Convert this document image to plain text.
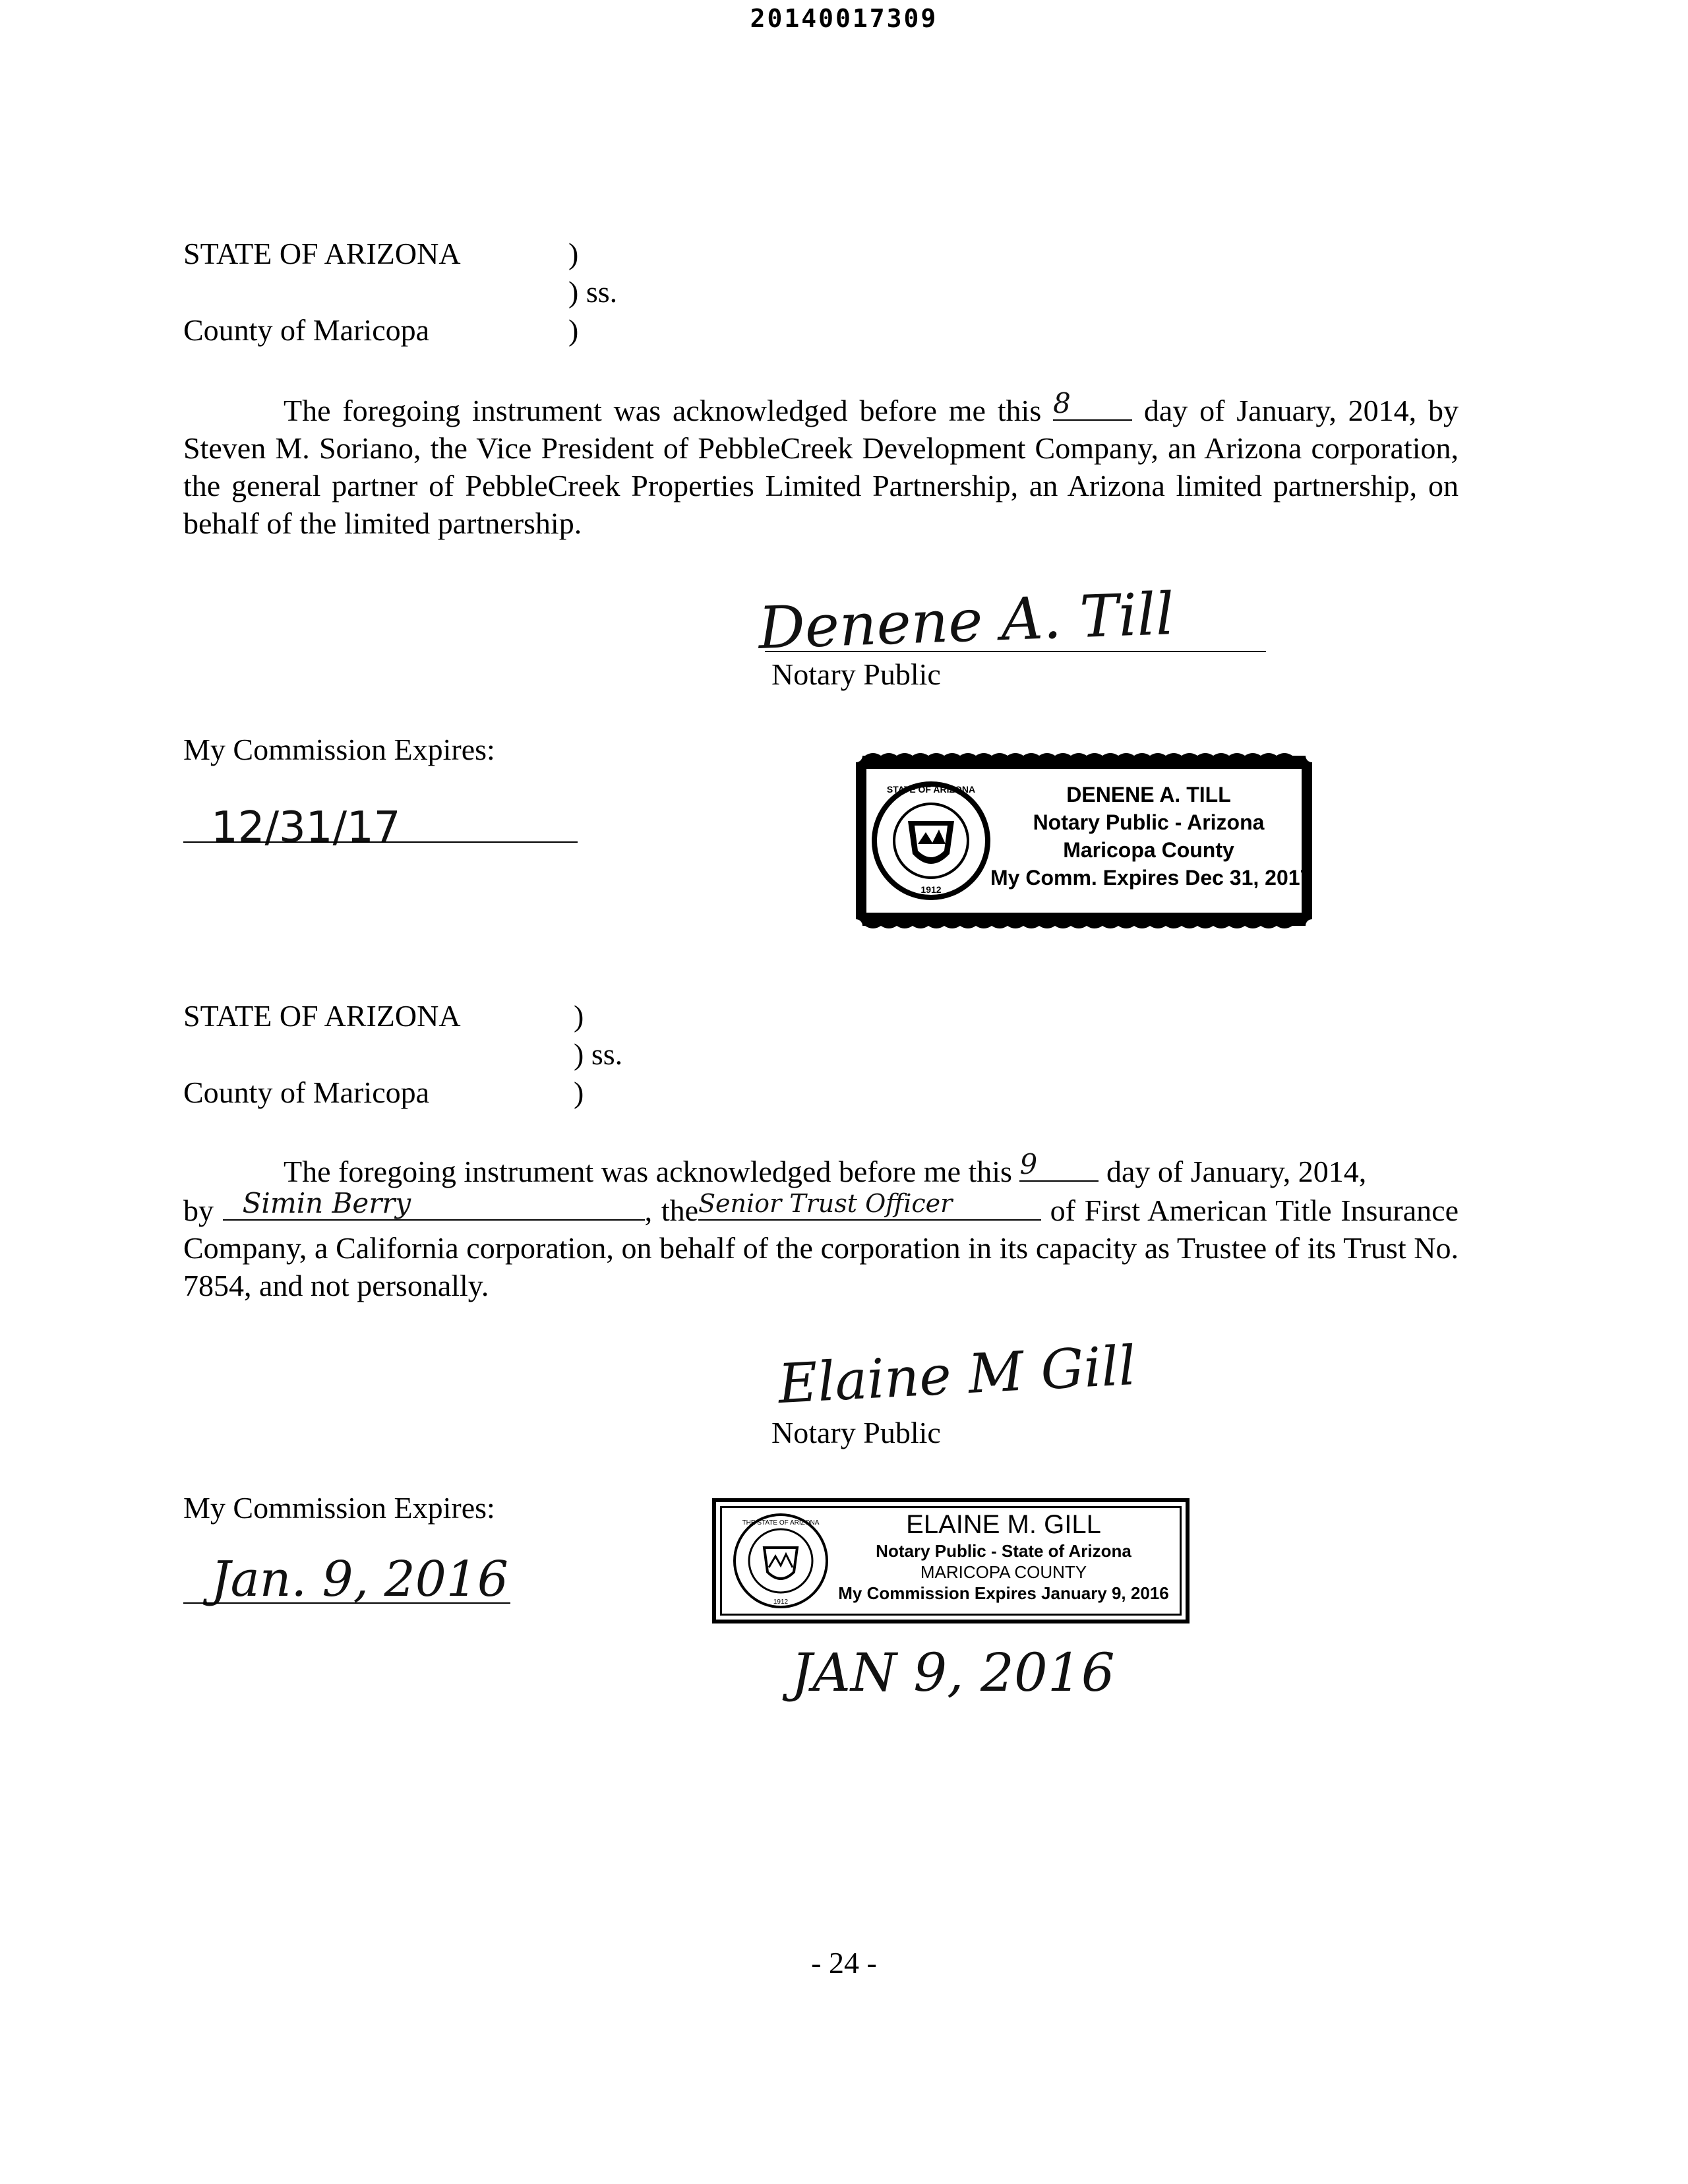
20140017309
STATE OF ARIZONA	)
) ss.
County of Maricopa	)

The foregoing instrument was acknowledged before me this 8	day of January, 2014, by Steven M. Soriano, the Vice President of PebbleCreek Development Company, an Arizona corporation, the general partner of PebbleCreek Properties Limited Partnership, an Arizona limited partnership, on behalf of the limited partnership.

Denene A. Till
Notary Public
My Commission Expires:
12/31/17
STATE OF ARIZONA
1912
DENENE A. TILL
Notary Public - Arizona
Maricopa County
My Comm. Expires Dec 31, 2017
STATE OF ARIZONA	)
) ss.
County of Maricopa	)

The foregoing instrument was acknowledged before me this 9	day of January, 2014,
by	Simin Berry	, the Senior Trust Officer	of First American Title Insurance Company, a California corporation, on behalf of the corporation in its capacity as Trustee of its Trust No. 7854, and not personally.

Elaine M Gill
Notary Public
My Commission Expires:
Jan. 9, 2016
THE STATE OF ARIZONA
1912
ELAINE M. GILL
Notary Public - State of Arizona
MARICOPA COUNTY
My Commission Expires January 9, 2016
JAN 9, 2016
- 24 -
